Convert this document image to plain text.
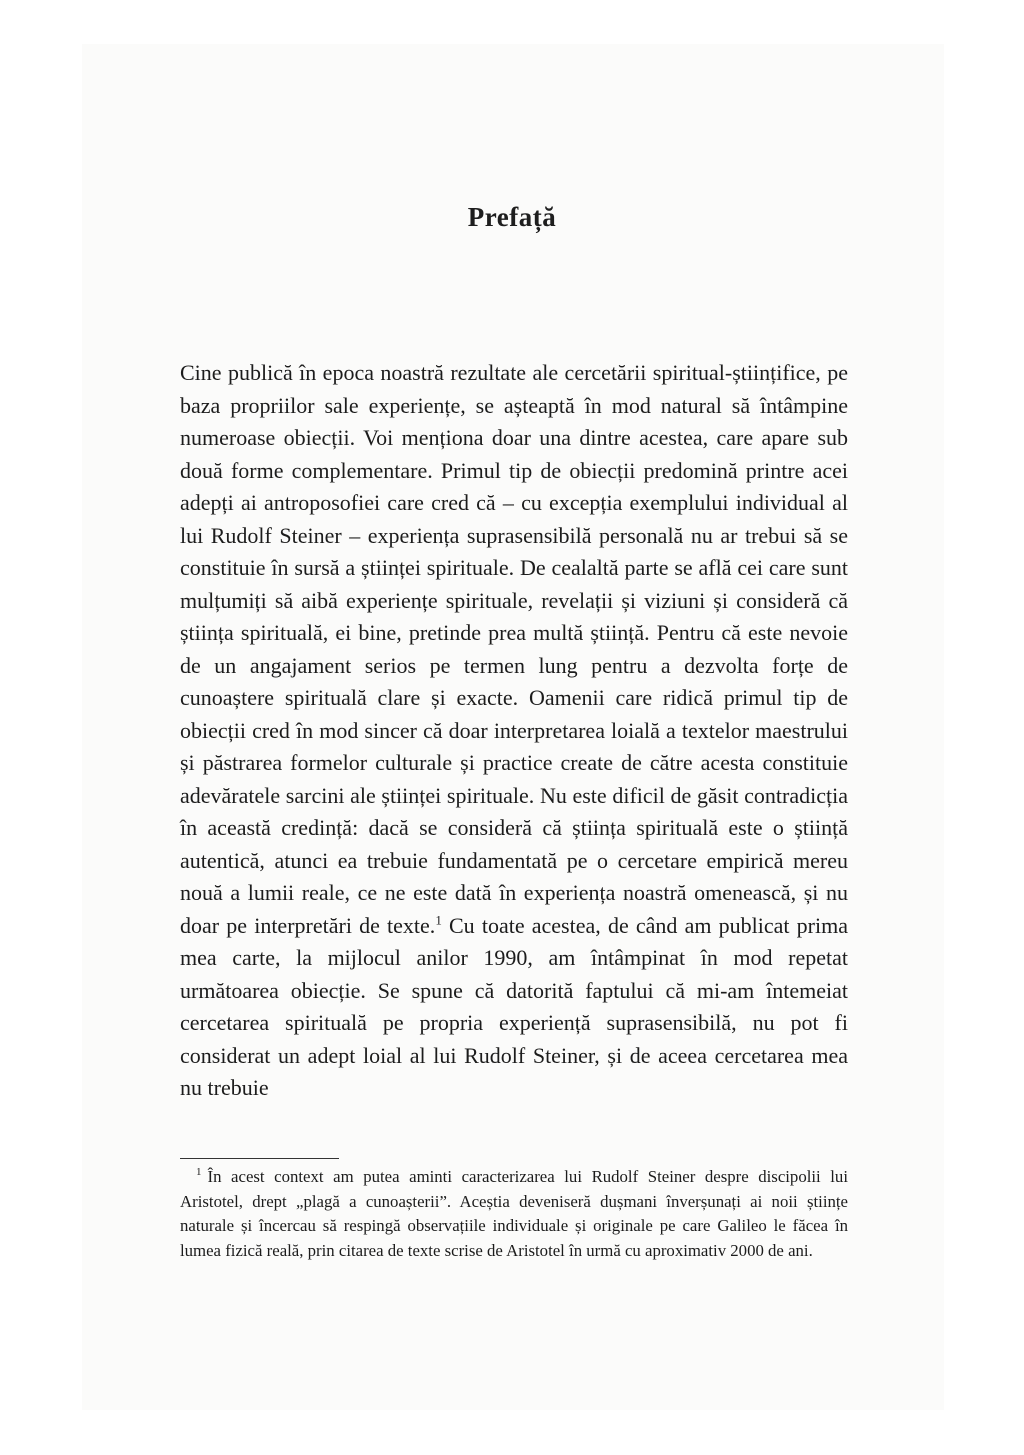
Prefață

Cine publică în epoca noastră rezultate ale cercetării spiritual-științifice, pe baza propriilor sale experiențe, se așteaptă în mod natural să întâmpine numeroase obiecții. Voi menționa doar una dintre acestea, care apare sub două forme complementare. Primul tip de obiecții predomină printre acei adepți ai antroposofiei care cred că – cu excepția exemplului individual al lui Rudolf Steiner – experiența suprasensibilă personală nu ar trebui să se constituie în sursă a științei spirituale. De cealaltă parte se află cei care sunt mulțumiți să aibă experiențe spirituale, revelații și viziuni și consideră că știința spirituală, ei bine, pretinde prea multă știință. Pentru că este nevoie de un angajament serios pe termen lung pentru a dezvolta forțe de cunoaștere spirituală clare și exacte. Oamenii care ridică primul tip de obiecții cred în mod sincer că doar interpretarea loială a textelor maestrului și păstrarea formelor culturale și practice create de către acesta constituie adevăratele sarcini ale științei spirituale. Nu este dificil de găsit contradicția în această credință: dacă se consideră că știința spirituală este o știință autentică, atunci ea trebuie fundamentată pe o cercetare empirică mereu nouă a lumii reale, ce ne este dată în experiența noastră omenească, și nu doar pe interpretări de texte.$^1$ Cu toate acestea, de când am publicat prima mea carte, la mijlocul anilor 1990, am întâmpinat în mod repetat următoarea obiecție. Se spune că datorită faptului că mi-am întemeiat cercetarea spirituală pe propria experiență suprasensibilă, nu pot fi considerat un adept loial al lui Rudolf Steiner, și de aceea cercetarea mea nu trebuie

$^1$ În acest context am putea aminti caracterizarea lui Rudolf Steiner despre discipolii lui Aristotel, drept „plagă a cunoașterii”. Aceștia deveniseră dușmani înverșunați ai noii științe naturale și încercau să respingă observațiile individuale și originale pe care Galileo le făcea în lumea fizică reală, prin citarea de texte scrise de Aristotel în urmă cu aproximativ 2000 de ani.
